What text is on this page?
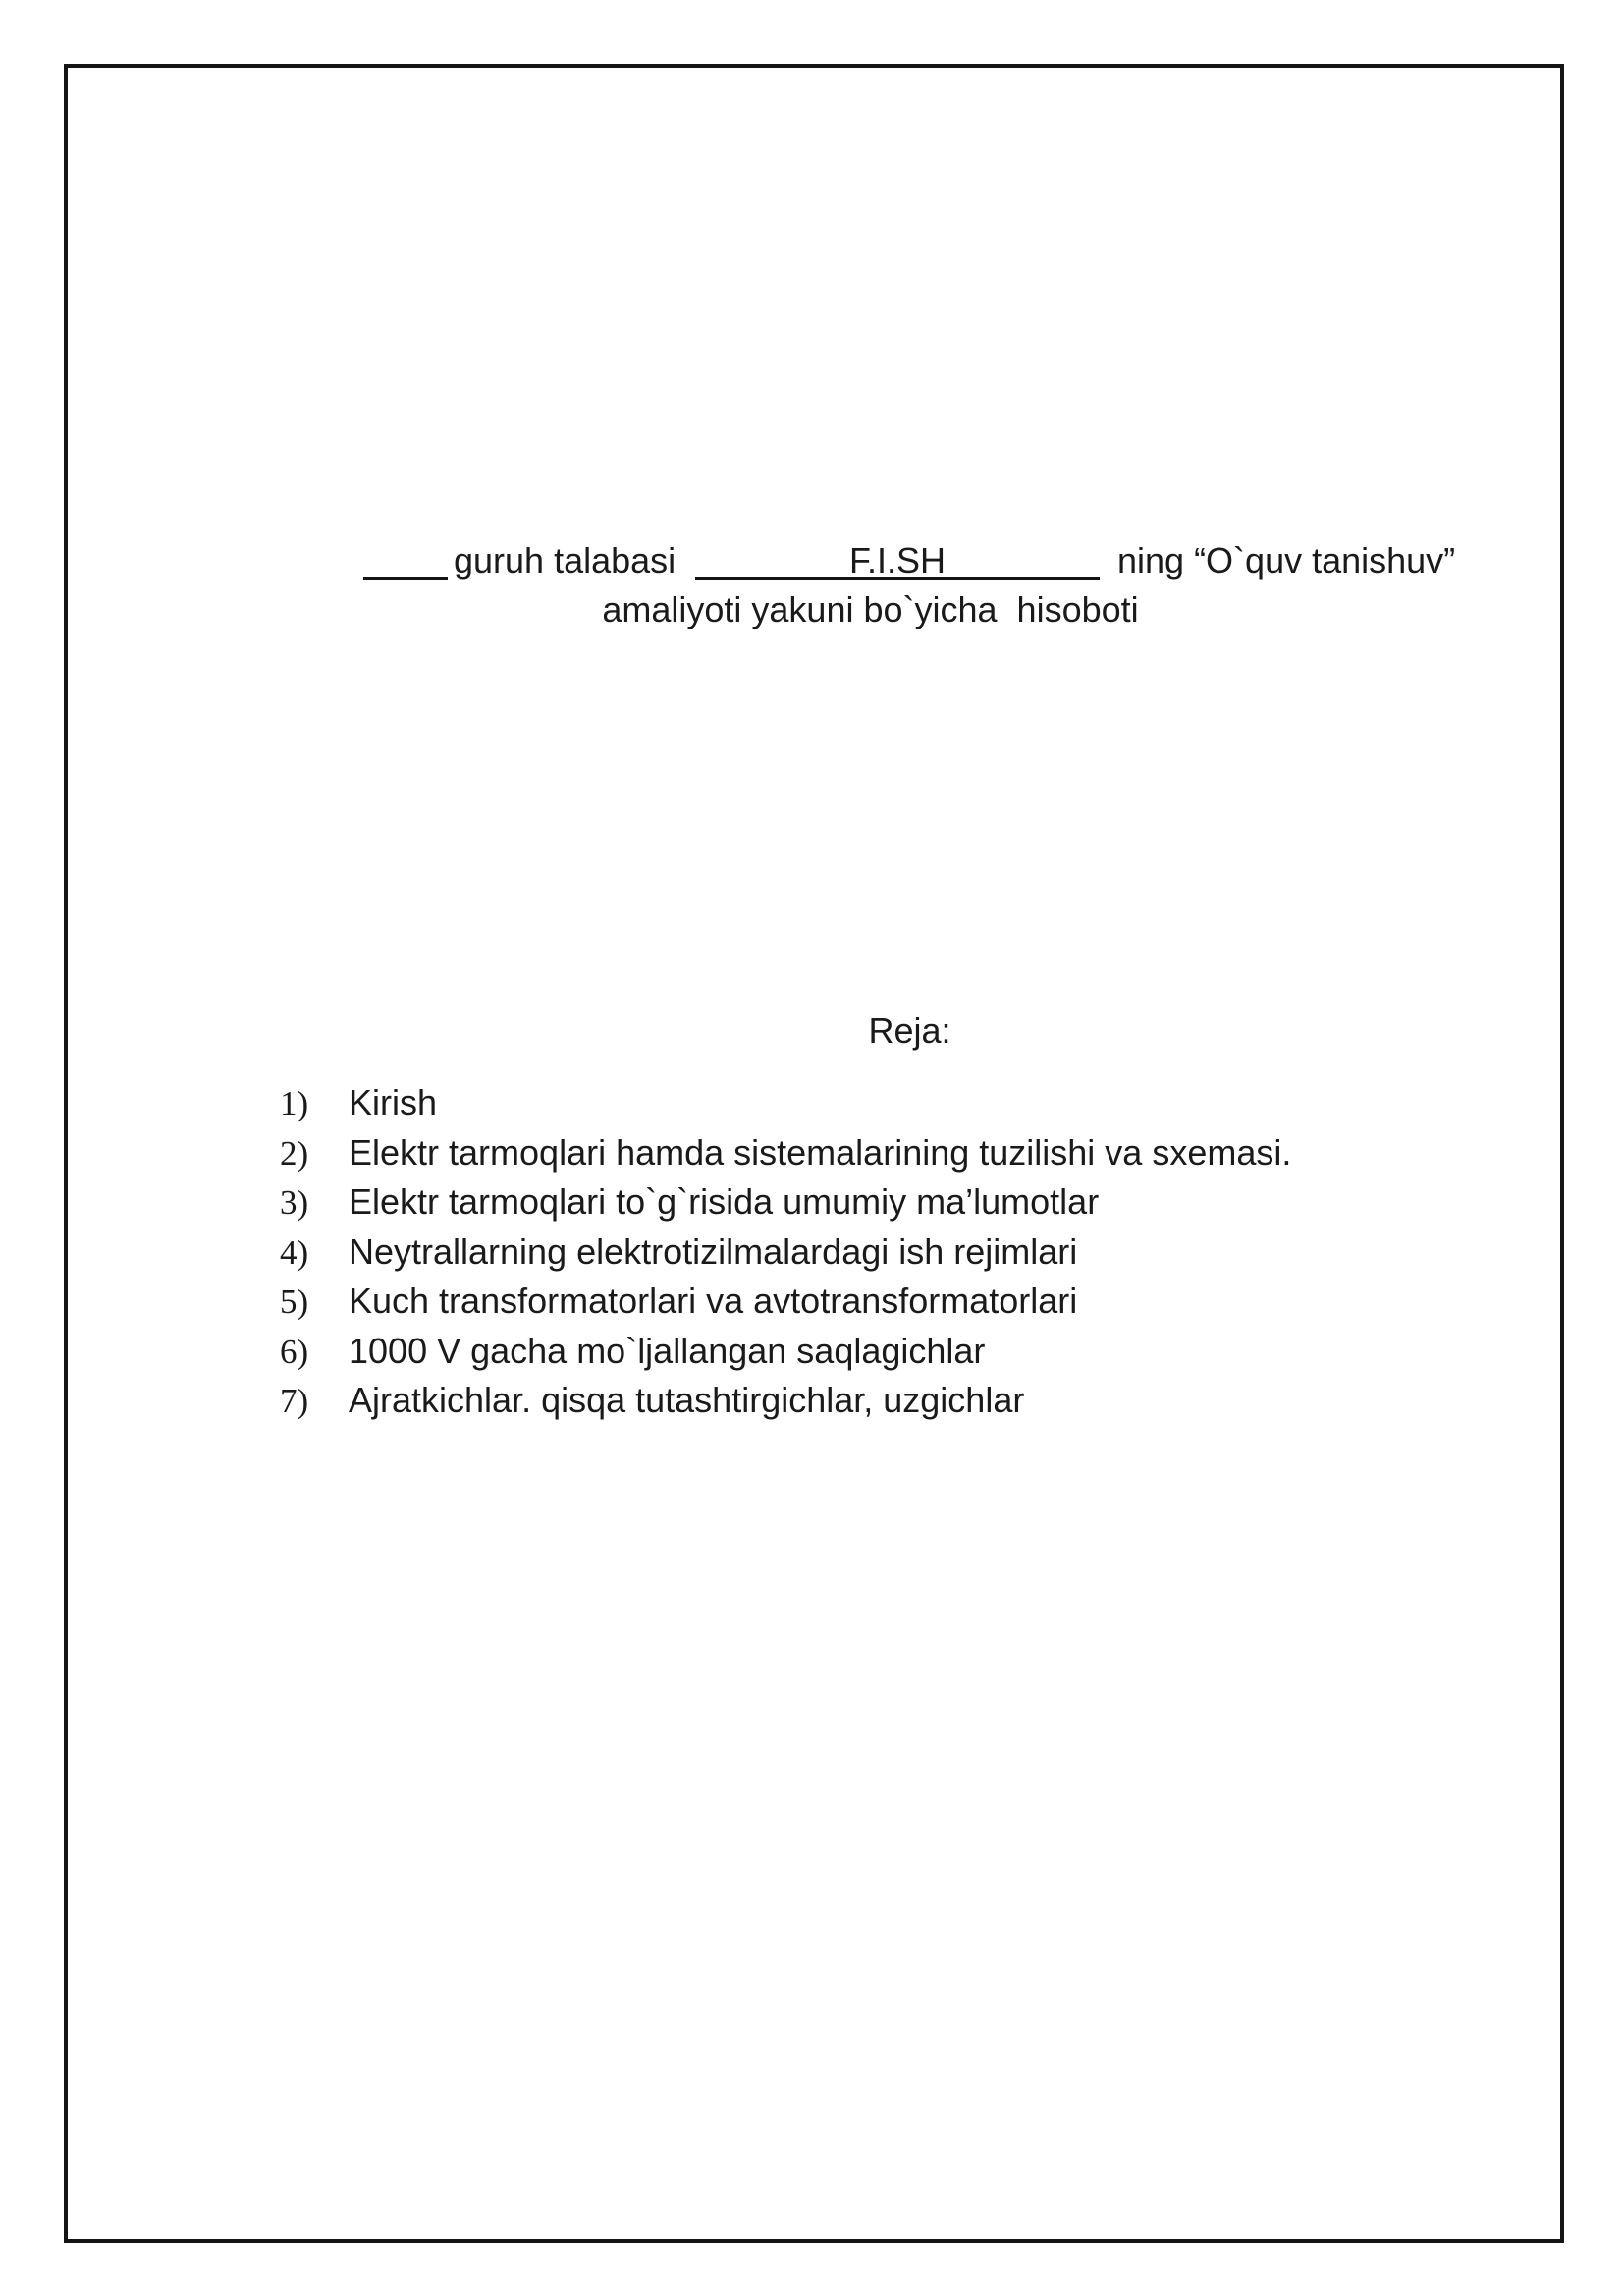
guruh talabasi	F.I.SH	ning “O`quv tanishuv”
amaliyoti yakuni bo`yicha  hisoboti
Reja:
1) Kirish
2) Elektr tarmoqlari hamda sistemalarining tuzilishi va sxemasi.
3) Elektr tarmoqlari to`g`risida umumiy ma’lumotlar
4) Neytrallarning elektrotizilmalardagi ish rejimlari
5) Kuch transformatorlari va avtotransformatorlari
6) 1000 V gacha mo`ljallangan saqlagichlar
7) Ajratkichlar. qisqa tutashtirgichlar, uzgichlar
